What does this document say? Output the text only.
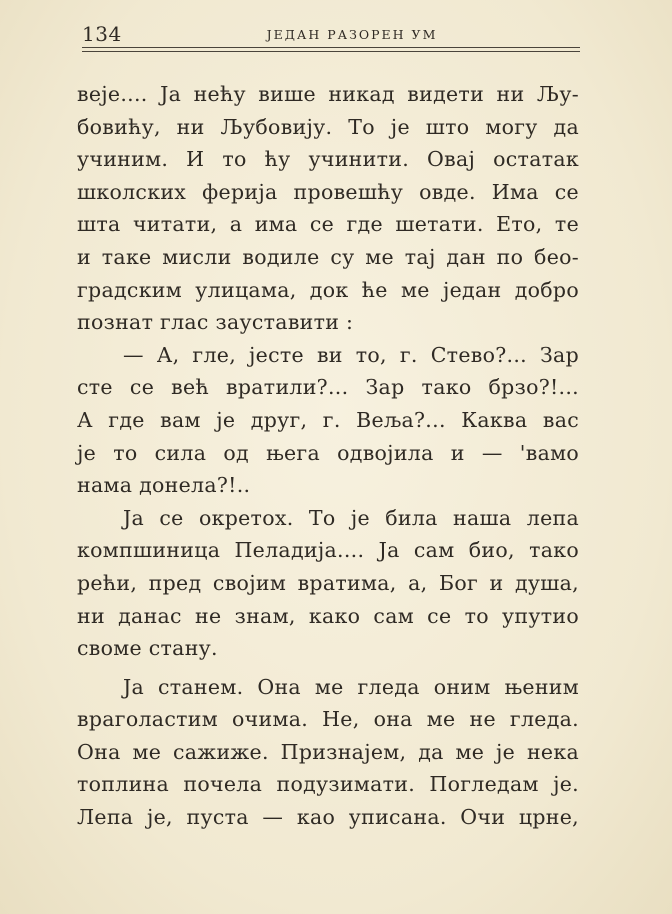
134	ЈЕДАН РАЗОРЕН УМ
веје.... Ја нећу више никад видети ни Љу-
бовићу, ни Љубовију. То је што могу да
учиним. И то ћу учинити. Овај остатак
школских ферија провешћу овде. Има се
шта читати, а има се где шетати. Ето, те
и таке мисли водиле су ме тај дан по бео-
градским улицама, док ће ме један добро
познат глас зауставити :
— А, гле, јесте ви то, г. Стево?... Зар
сте се већ вратили?... Зар тако брзо?!...
А где вам је друг, г. Веља?... Каква вас
је то сила од њега одвојила и — 'вамо
нама донела?!..
Ја се окретох. То је била наша лепа
компшиница Пеладија.... Ја сам био, тако
рећи, пред својим вратима, а, Бог и душа,
ни данас не знам, како сам се то упутио
своме стану.
Ја станем. Она ме гледа оним њеним
враголастим очима. Не, она ме не гледа.
Она ме сажиже. Признајем, да ме је нека
топлина почела подузимати. Погледам је.
Лепа је, пуста — као уписана. Очи црне,
